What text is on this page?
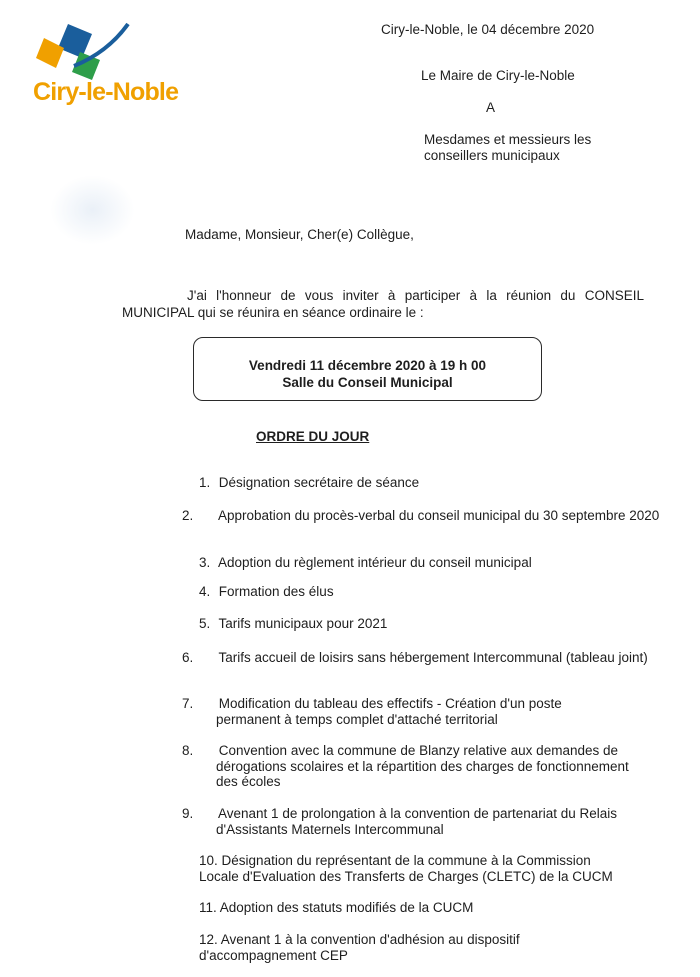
Ciry-le-Noble
Ciry-le-Noble, le 04 décembre 2020
Le Maire de Ciry-le-Noble
A
Mesdames et messieurs les
conseillers municipaux
Madame, Monsieur, Cher(e) Collègue,
J'ai l'honneur de vous inviter à participer à la réunion du CONSEIL MUNICIPAL qui se réunira en séance ordinaire le :
Vendredi 11 décembre 2020 à 19 h 00
Salle du Conseil Municipal
ORDRE DU JOUR
1. Désignation secrétaire de séance
2. Approbation du procès-verbal du conseil municipal du 30 septembre 2020
3. Adoption du règlement intérieur du conseil municipal
4. Formation des élus
5. Tarifs municipaux pour 2021
6. Tarifs accueil de loisirs sans hébergement Intercommunal (tableau joint)
7. Modification du tableau des effectifs - Création d'un poste permanent à temps complet d'attaché territorial
8. Convention avec la commune de Blanzy relative aux demandes de dérogations scolaires et la répartition des charges de fonctionnement des écoles
9. Avenant 1 de prolongation à la convention de partenariat du Relais d'Assistants Maternels Intercommunal
10. Désignation du représentant de la commune à la Commission Locale d'Evaluation des Transferts de Charges (CLETC) de la CUCM
11. Adoption des statuts modifiés de la CUCM
12. Avenant 1 à la convention d'adhésion au dispositif d'accompagnement CEP
